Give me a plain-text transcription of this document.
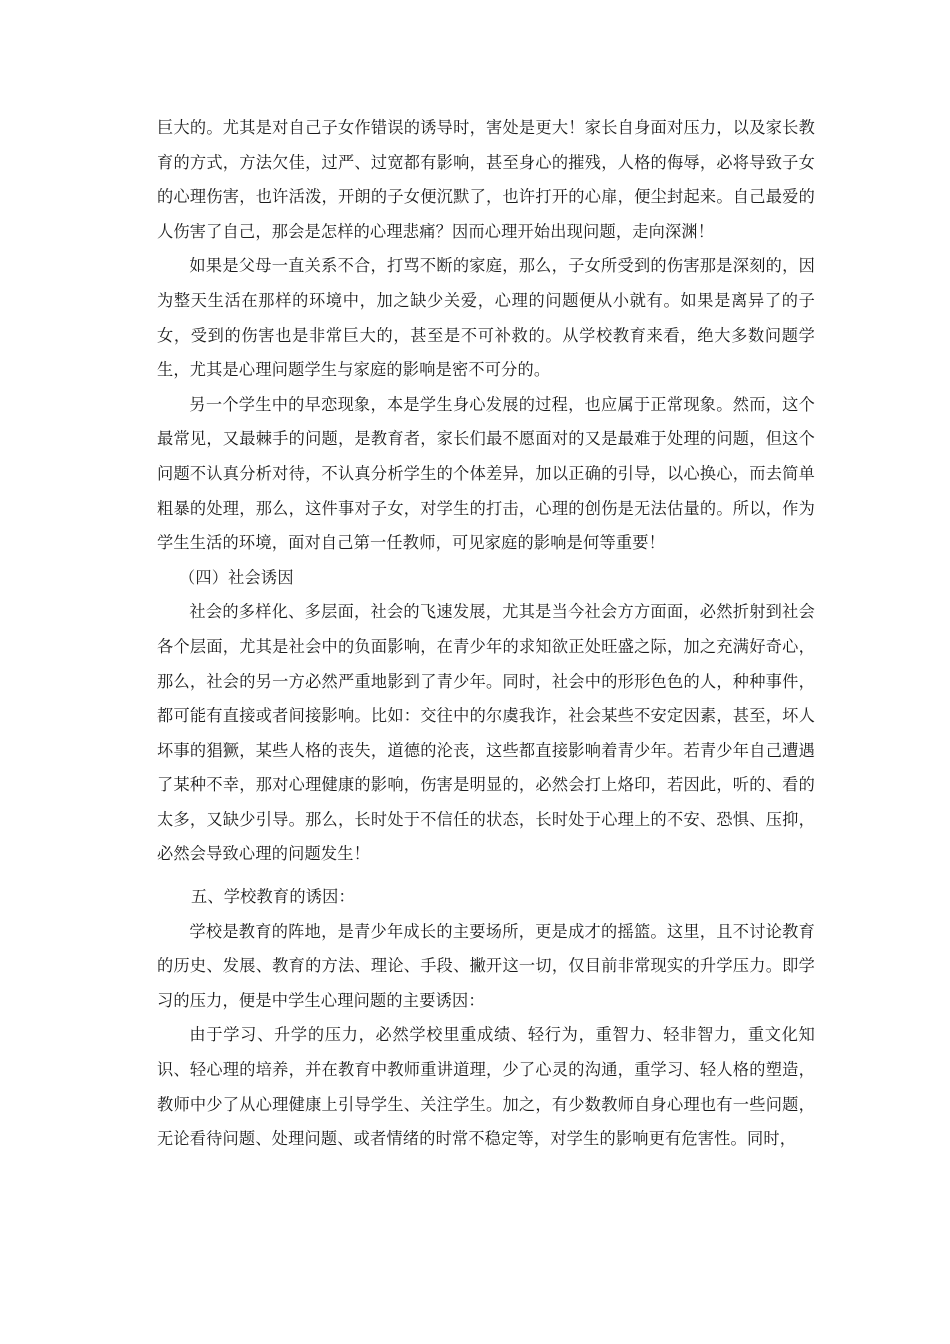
巨大的。尤其是对自己子女作错误的诱导时，害处是更大！家长自身面对压力，以及家长教育的方式，方法欠佳，过严、过宽都有影响，甚至身心的摧残，人格的侮辱，必将导致子女的心理伤害，也许活泼，开朗的子女便沉默了，也许打开的心扉，便尘封起来。自己最爱的人伤害了自己，那会是怎样的心理悲痛？因而心理开始出现问题，走向深渊！

如果是父母一直关系不合，打骂不断的家庭，那么，子女所受到的伤害那是深刻的，因为整天生活在那样的环境中，加之缺少关爱，心理的问题便从小就有。如果是离异了的子女，受到的伤害也是非常巨大的，甚至是不可补救的。从学校教育来看，绝大多数问题学生，尤其是心理问题学生与家庭的影响是密不可分的。

另一个学生中的早恋现象，本是学生身心发展的过程，也应属于正常现象。然而，这个最常见，又最棘手的问题，是教育者，家长们最不愿面对的又是最难于处理的问题，但这个问题不认真分析对待，不认真分析学生的个体差异，加以正确的引导，以心换心，而去简单粗暴的处理，那么，这件事对子女，对学生的打击，心理的创伤是无法估量的。所以，作为学生生活的环境，面对自己第一任教师，可见家庭的影响是何等重要！

（四）社会诱因

社会的多样化、多层面，社会的飞速发展，尤其是当今社会方方面面，必然折射到社会各个层面，尤其是社会中的负面影响，在青少年的求知欲正处旺盛之际，加之充满好奇心，那么，社会的另一方必然严重地影到了青少年。同时，社会中的形形色色的人，种种事件，都可能有直接或者间接影响。比如：交往中的尔虞我诈，社会某些不安定因素，甚至，坏人坏事的猖獗，某些人格的丧失，道德的沦丧，这些都直接影响着青少年。若青少年自己遭遇了某种不幸，那对心理健康的影响，伤害是明显的，必然会打上烙印，若因此，听的、看的太多，又缺少引导。那么，长时处于不信任的状态，长时处于心理上的不安、恐惧、压抑，必然会导致心理的问题发生！

五、学校教育的诱因：

学校是教育的阵地，是青少年成长的主要场所，更是成才的摇篮。这里，且不讨论教育的历史、发展、教育的方法、理论、手段、撇开这一切，仅目前非常现实的升学压力。即学习的压力，便是中学生心理问题的主要诱因：

由于学习、升学的压力，必然学校里重成绩、轻行为，重智力、轻非智力，重文化知识、轻心理的培养，并在教育中教师重讲道理，少了心灵的沟通，重学习、轻人格的塑造，教师中少了从心理健康上引导学生、关注学生。加之，有少数教师自身心理也有一些问题，无论看待问题、处理问题、或者情绪的时常不稳定等，对学生的影响更有危害性。同时，
